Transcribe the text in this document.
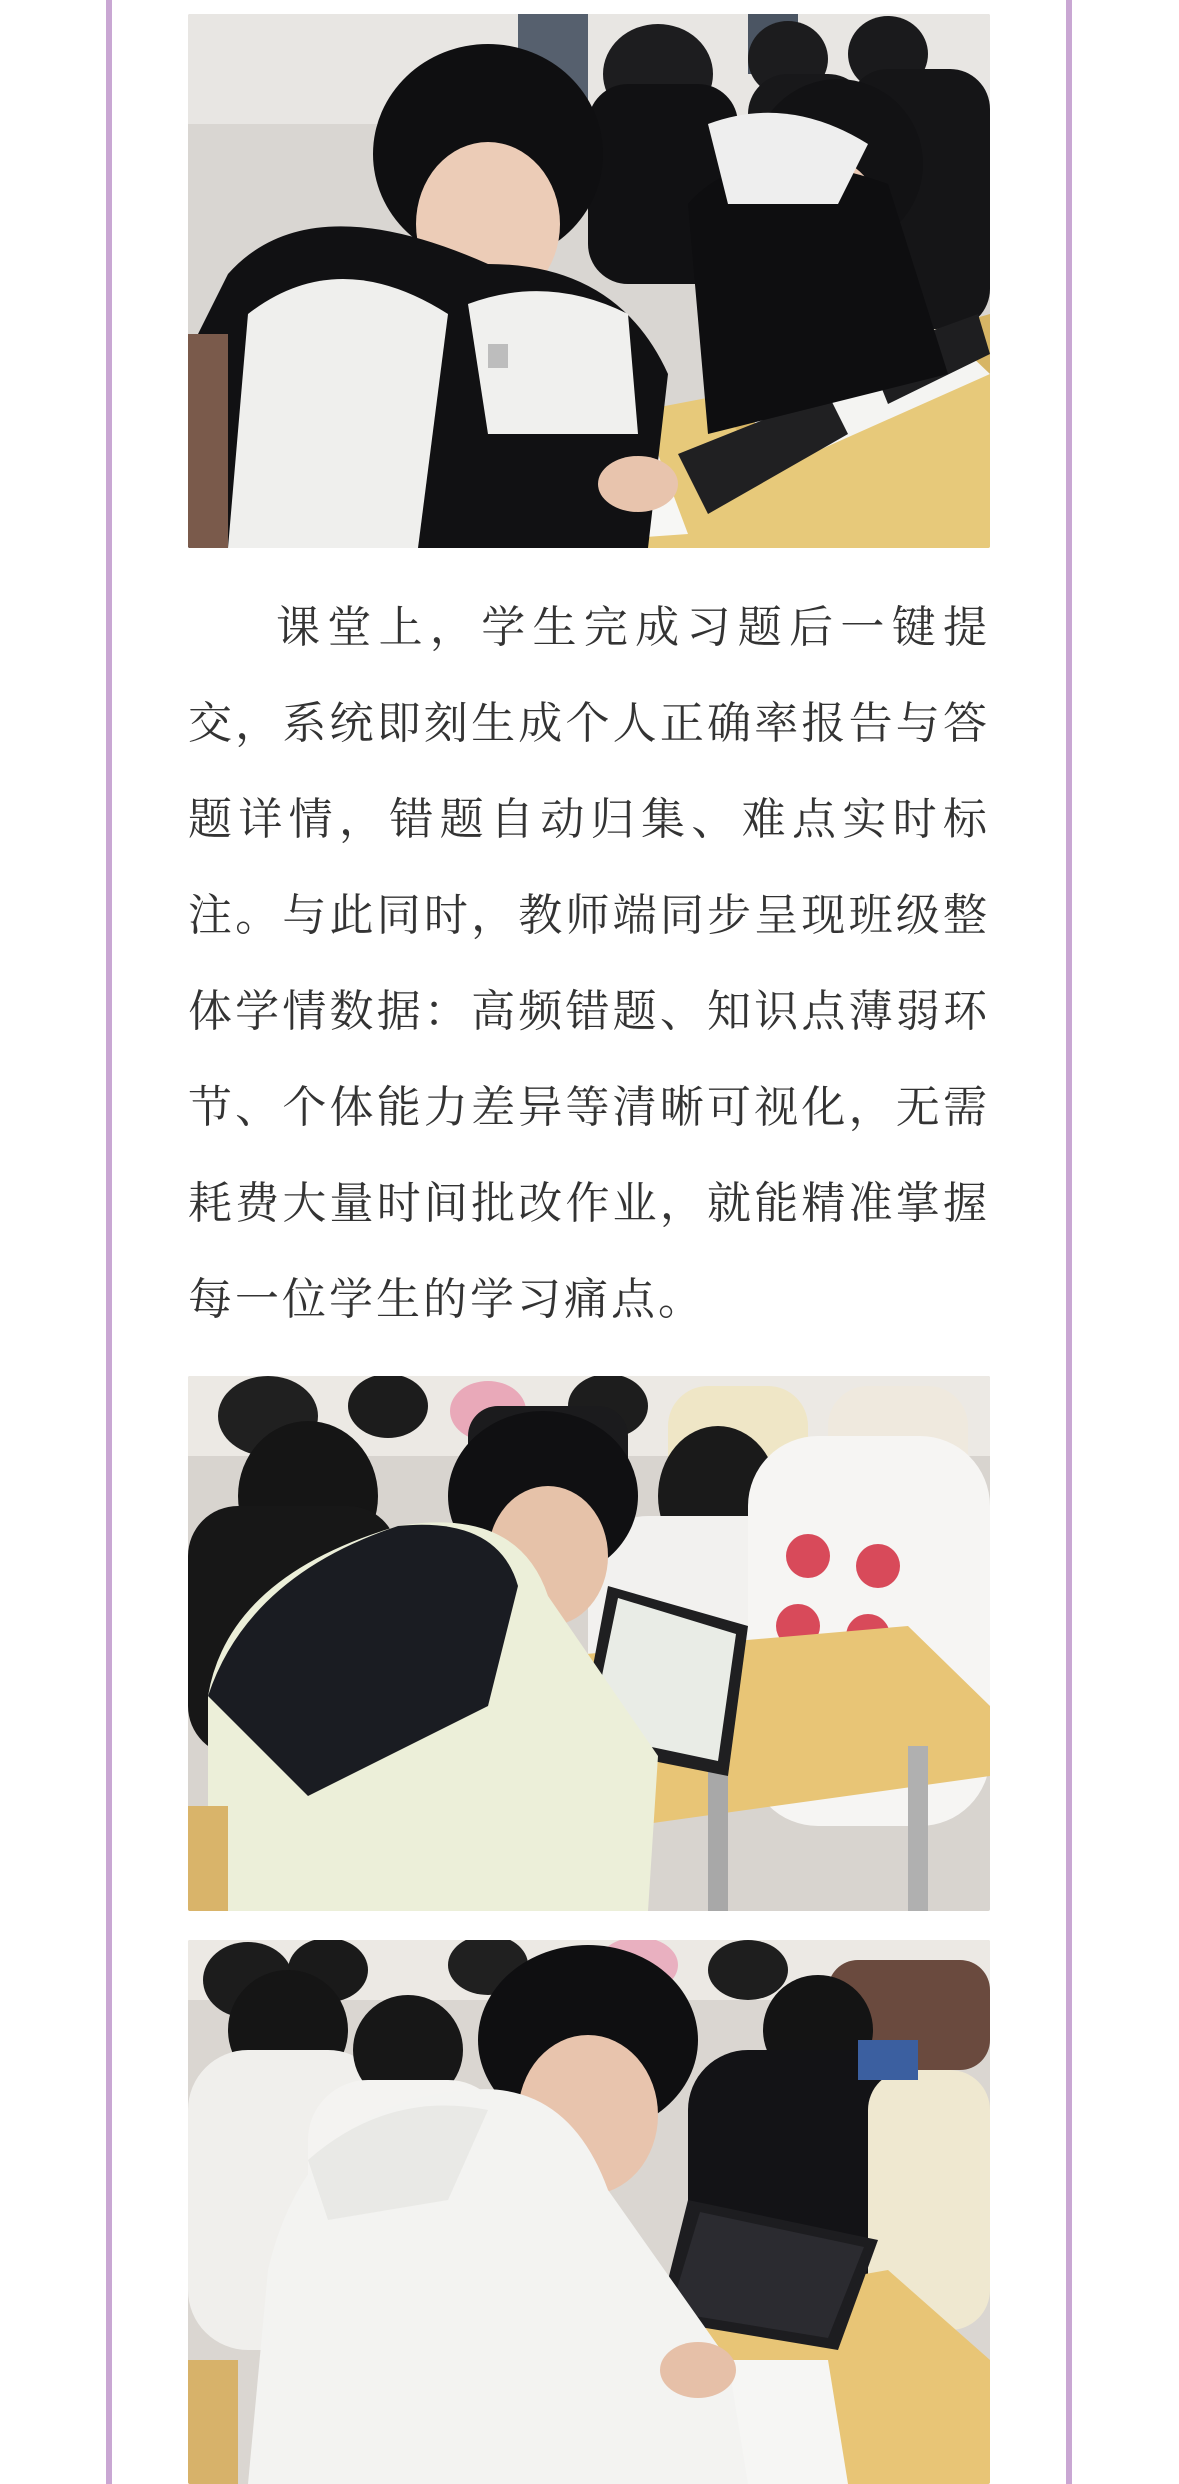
课堂上，学生完成习题后一键提交，系统即刻生成个人正确率报告与答题详情，错题自动归集、难点实时标注。与此同时，教师端同步呈现班级整体学情数据：高频错题、知识点薄弱环节、个体能力差异等清晰可视化，无需耗费大量时间批改作业，就能精准掌握每一位学生的学习痛点。
